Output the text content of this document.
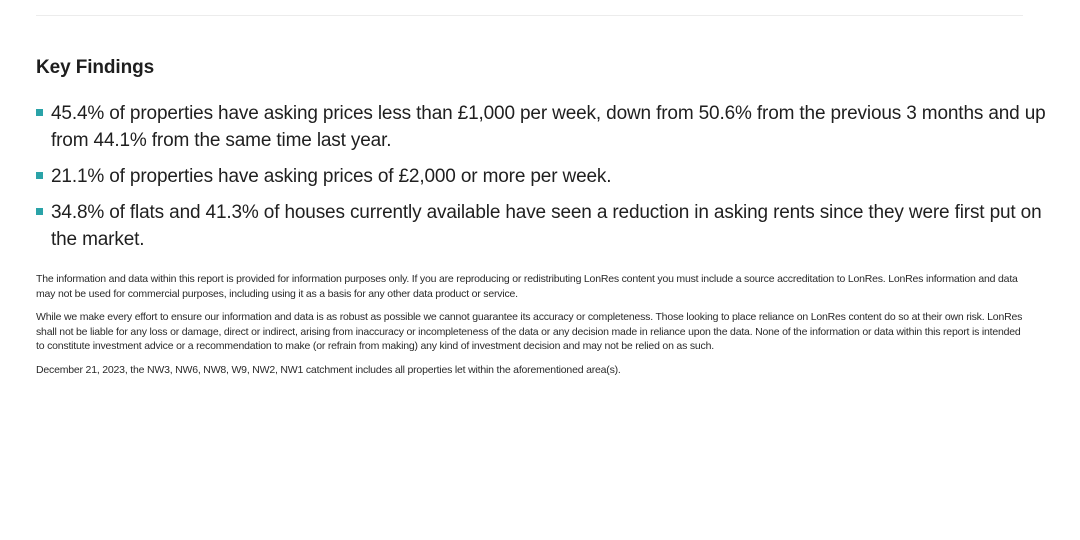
Key Findings
45.4% of properties have asking prices less than £1,000 per week, down from 50.6% from the previous 3 months and up from 44.1% from the same time last year.
21.1% of properties have asking prices of £2,000 or more per week.
34.8% of flats and 41.3% of houses currently available have seen a reduction in asking rents since they were first put on the market.

The information and data within this report is provided for information purposes only. If you are reproducing or redistributing LonRes content you must include a source accreditation to LonRes. LonRes information and data may not be used for commercial purposes, including using it as a basis for any other data product or service.

While we make every effort to ensure our information and data is as robust as possible we cannot guarantee its accuracy or completeness. Those looking to place reliance on LonRes content do so at their own risk. LonRes shall not be liable for any loss or damage, direct or indirect, arising from inaccuracy or incompleteness of the data or any decision made in reliance upon the data. None of the information or data within this report is intended to constitute investment advice or a recommendation to make (or refrain from making) any kind of investment decision and may not be relied on as such.

December 21, 2023, the NW3, NW6, NW8, W9, NW2, NW1 catchment includes all properties let within the aforementioned area(s).
